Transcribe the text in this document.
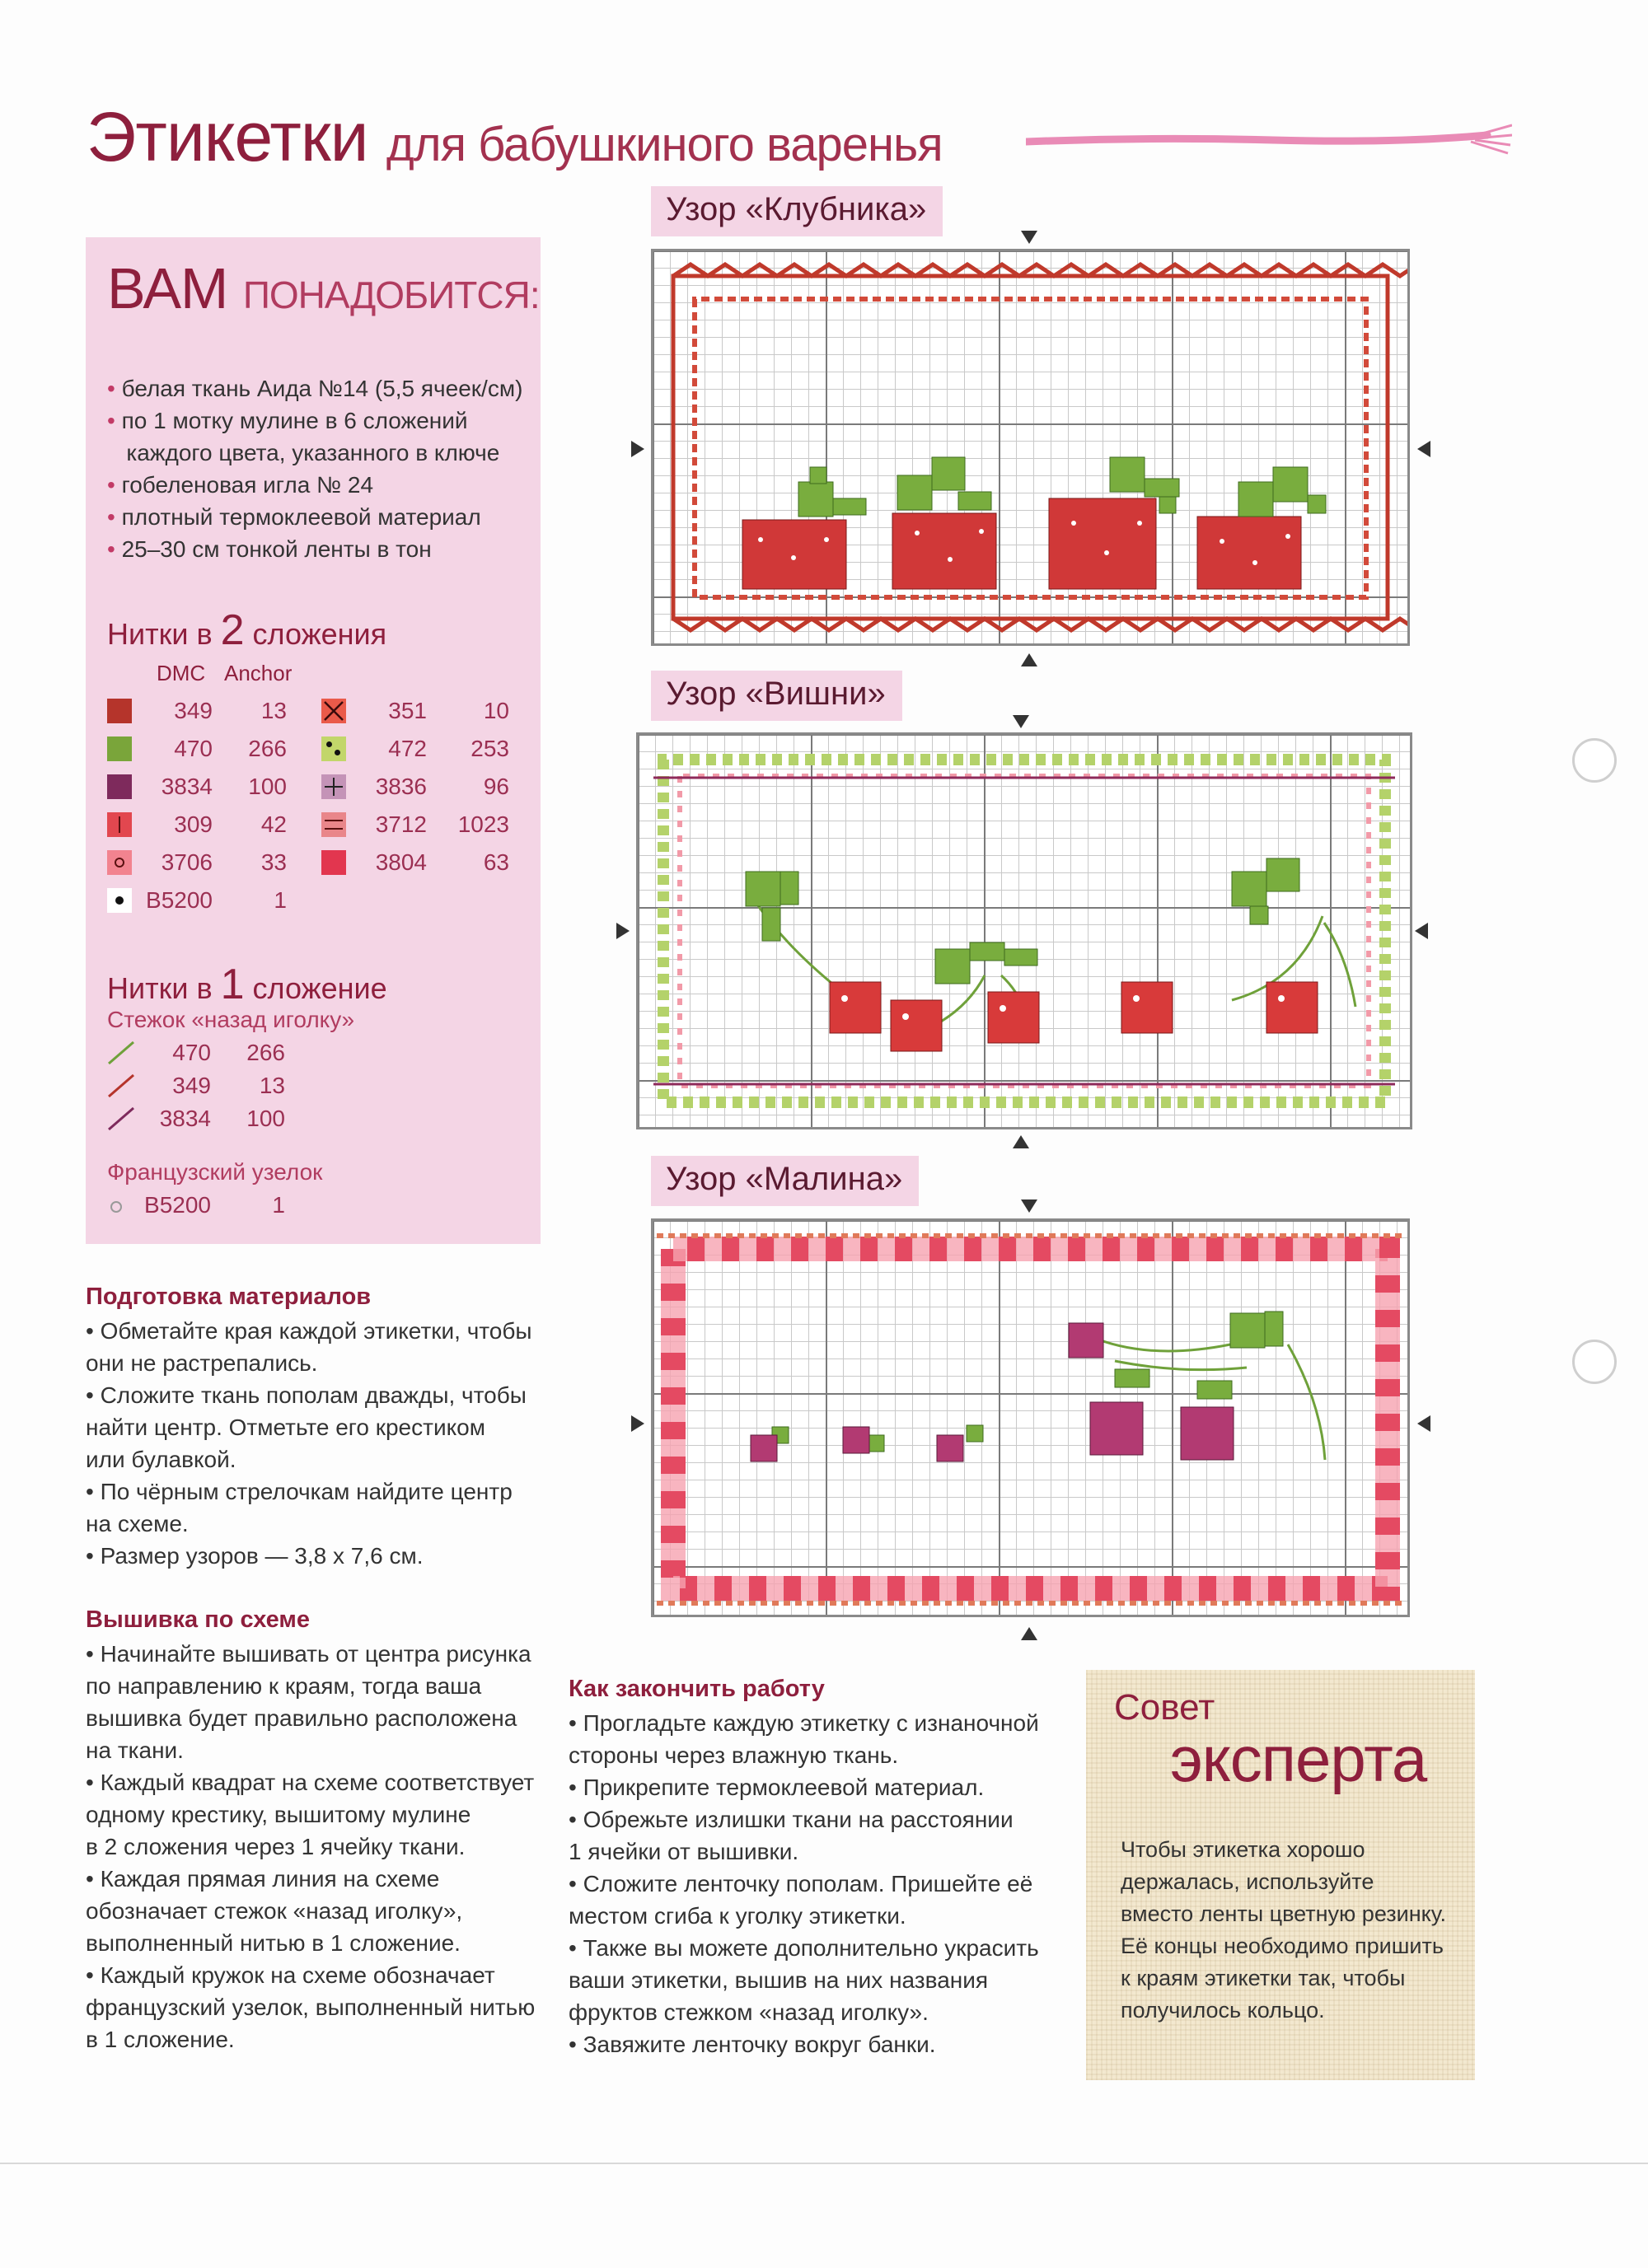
Этикетки для бабушкиного варенья
ВАМ ПОНАДОБИТСЯ:
• белая ткань Аида №14 (5,5 ячеек/см)
• по 1 мотку мулине в 6 сложений
каждого цвета, указанного в ключе
• гобеленовая игла № 24
• плотный термоклеевой материал
• 25–30 см тонкой ленты в тон
Нитки в 2 сложения
DMC Anchor
349	13
470	266
3834	100
309	42
3706	33
B5200	1
351	10
472	253
3836	96
3712	1023
3804	63
Нитки в 1 сложение
Стежок «назад иголку»
470	266
349	13
3834	100
Французский узелок
B5200	1
Узор «Клубника»
Узор «Вишни»
Узор «Малина»
Подготовка материалов

• Обметайте края каждой этикетки, чтобы

они не растрепались.

• Сложите ткань пополам дважды, чтобы

найти центр. Отметьте его крестиком

или булавкой.

• По чёрным стрелочкам найдите центр

на схеме.

• Размер узоров — 3,8 х 7,6 см.

Вышивка по схеме

• Начинайте вышивать от центра рисунка

по направлению к краям, тогда ваша

вышивка будет правильно расположена

на ткани.

• Каждый квадрат на схеме соответствует

одному крестику, вышитому мулине

в 2 сложения через 1 ячейку ткани.

• Каждая прямая линия на схеме

обозначает стежок «назад иголку»,

выполненный нитью в 1 сложение.

• Каждый кружок на схеме обозначает

французский узелок, выполненный нитью

в 1 сложение.

Как закончить работу

• Прогладьте каждую этикетку с изнаночной

стороны через влажную ткань.

• Прикрепите термоклеевой материал.

• Обрежьте излишки ткани на расстоянии

1 ячейки от вышивки.

• Сложите ленточку пополам. Пришейте её

местом сгиба к уголку этикетки.

• Также вы можете дополнительно украсить

ваши этикетки, вышив на них названия

фруктов стежком «назад иголку».

• Завяжите ленточку вокруг банки.

Совет
эксперта
Чтобы этикетка хорошо
держалась, используйте
вместо ленты цветную резинку.
Её концы необходимо пришить
к краям этикетки так, чтобы
получилось кольцо.
